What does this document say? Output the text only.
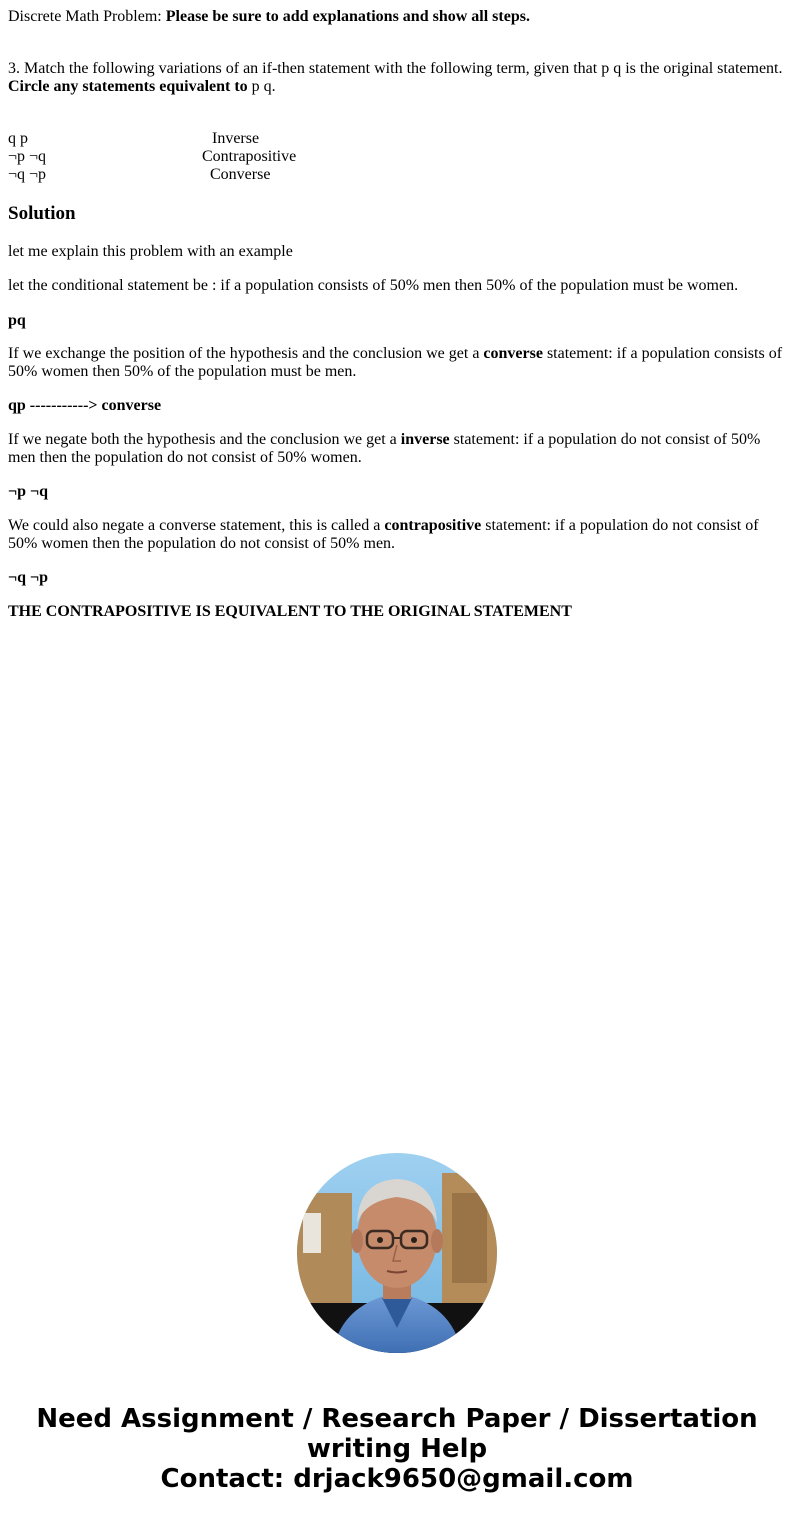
Discrete Math Problem: Please be sure to add explanations and show all steps.
3. Match the following variations of an if-then statement with the following term, given that p q is the original statement.
Circle any statements equivalent to p q.
q p	Inverse
¬p ¬q	Contrapositive
¬q ¬p	Converse
Solution
let me explain this problem with an example
let the conditional statement be : if a population consists of 50% men then 50% of the population must be women.
pq
If we exchange the position of the hypothesis and the conclusion we get a converse statement: if a population consists of 50% women then 50% of the population must be men.
qp -----------> converse
If we negate both the hypothesis and the conclusion we get a inverse statement: if a population do not consist of 50% men then the population do not consist of 50% women.
¬p ¬q
We could also negate a converse statement, this is called a contrapositive statement: if a population do not consist of 50% women then the population do not consist of 50% men.
¬q ¬p
THE CONTRAPOSITIVE IS EQUIVALENT TO THE ORIGINAL STATEMENT
Need Assignment / Research Paper / Dissertation
writing Help
Contact: drjack9650@gmail.com
